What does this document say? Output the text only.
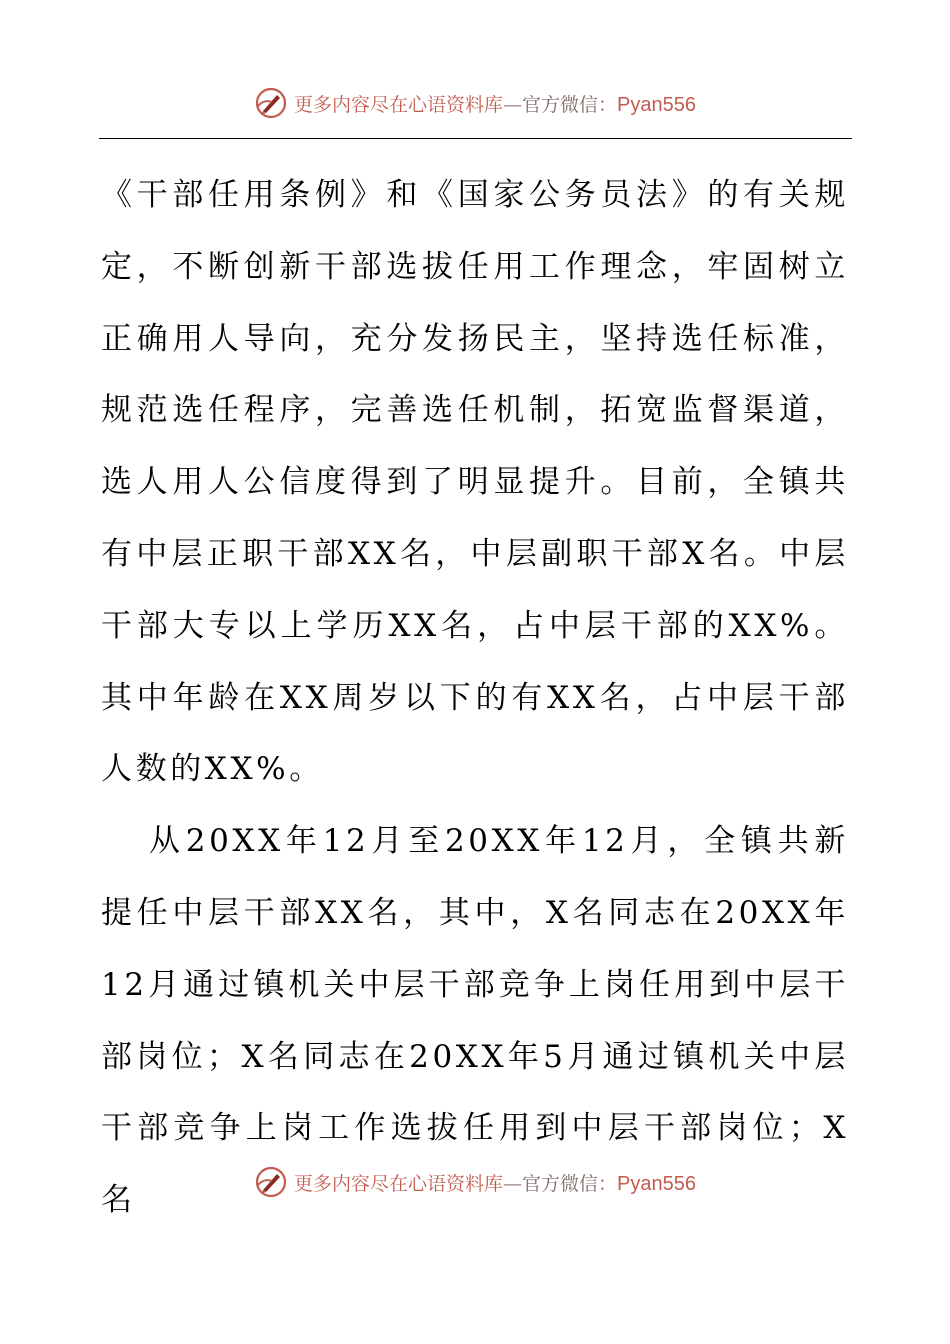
更多内容尽在心语资料库—官方微信：Pyan556

《干部任用条例》和《国家公务员法》的有关规定，不断创新干部选拔任用工作理念，牢固树立正确用人导向，充分发扬民主，坚持选任标准，规范选任程序，完善选任机制，拓宽监督渠道，选人用人公信度得到了明显提升。目前，全镇共有中层正职干部XX名，中层副职干部X名。中层干部大专以上学历XX名，占中层干部的XX%。其中年龄在XX周岁以下的有XX名，占中层干部人数的XX%。

从20XX年12月至20XX年12月，全镇共新提任中层干部XX名，其中，X名同志在20XX年12月通过镇机关中层干部竞争上岗任用到中层干部岗位；X名同志在20XX年5月通过镇机关中层干部竞争上岗工作选拔任用到中层干部岗位；X名	更多内容尽在心语资料库—官方微信：Pyan556
